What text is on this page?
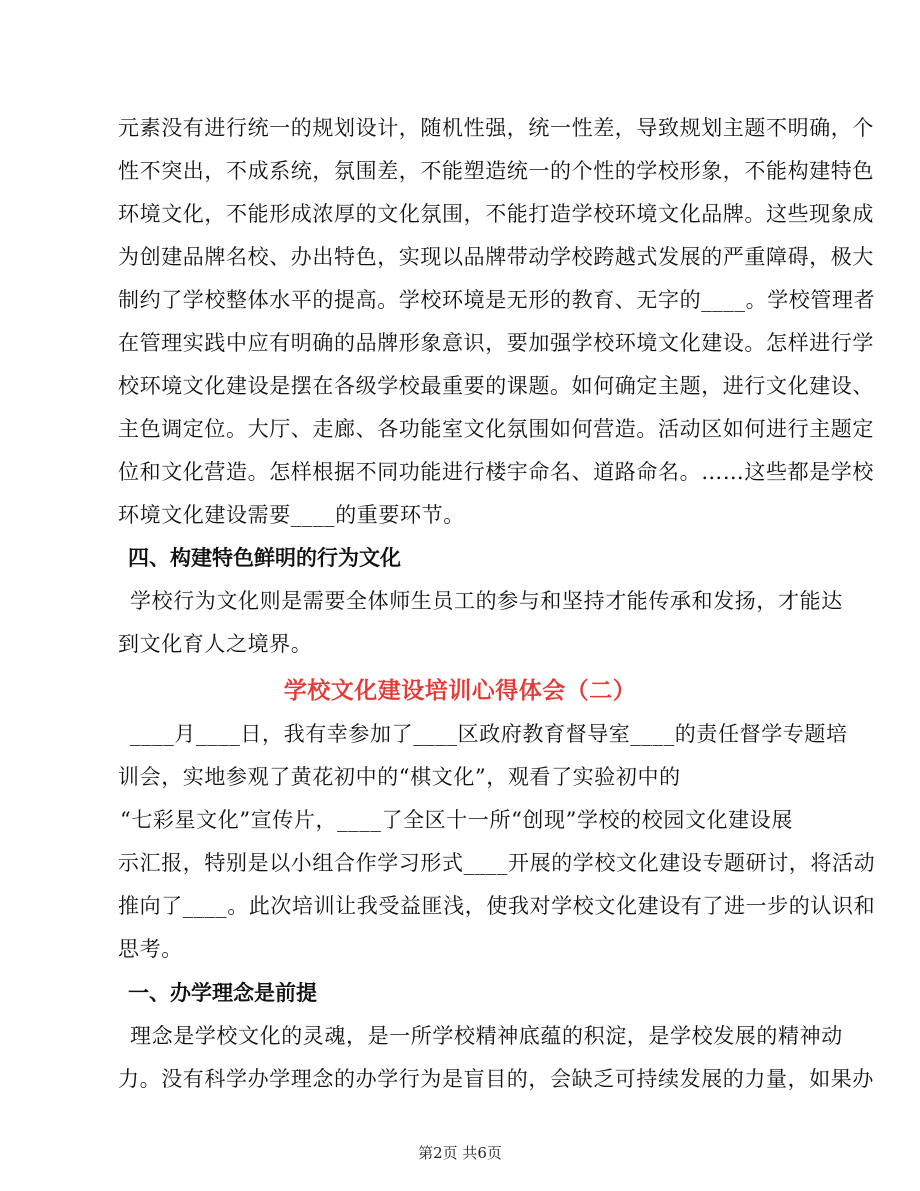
元素没有进行统一的规划设计，随机性强，统一性差，导致规划主题不明确，个
性不突出，不成系统，氛围差，不能塑造统一的个性的学校形象，不能构建特色
环境文化，不能形成浓厚的文化氛围，不能打造学校环境文化品牌。这些现象成
为创建品牌名校、办出特色，实现以品牌带动学校跨越式发展的严重障碍，极大
制约了学校整体水平的提高。学校环境是无形的教育、无字的____。学校管理者
在管理实践中应有明确的品牌形象意识，要加强学校环境文化建设。怎样进行学
校环境文化建设是摆在各级学校最重要的课题。如何确定主题，进行文化建设、
主色调定位。大厅、走廊、各功能室文化氛围如何营造。活动区如何进行主题定
位和文化营造。怎样根据不同功能进行楼宇命名、道路命名。……这些都是学校
环境文化建设需要____的重要环节。
四、构建特色鲜明的行为文化
学校行为文化则是需要全体师生员工的参与和坚持才能传承和发扬，才能达
到文化育人之境界。
学校文化建设培训心得体会（二）
____月____日，我有幸参加了____区政府教育督导室____的责任督学专题培
训会，实地参观了黄花初中的“棋文化”，观看了实验初中的
“七彩星文化”宣传片，____了全区十一所“创现”学校的校园文化建设展
示汇报，特别是以小组合作学习形式____开展的学校文化建设专题研讨，将活动
推向了____。此次培训让我受益匪浅，使我对学校文化建设有了进一步的认识和
思考。
一、办学理念是前提
理念是学校文化的灵魂，是一所学校精神底蕴的积淀，是学校发展的精神动
力。没有科学办学理念的办学行为是盲目的，会缺乏可持续发展的力量，如果办
第2页 共6页
